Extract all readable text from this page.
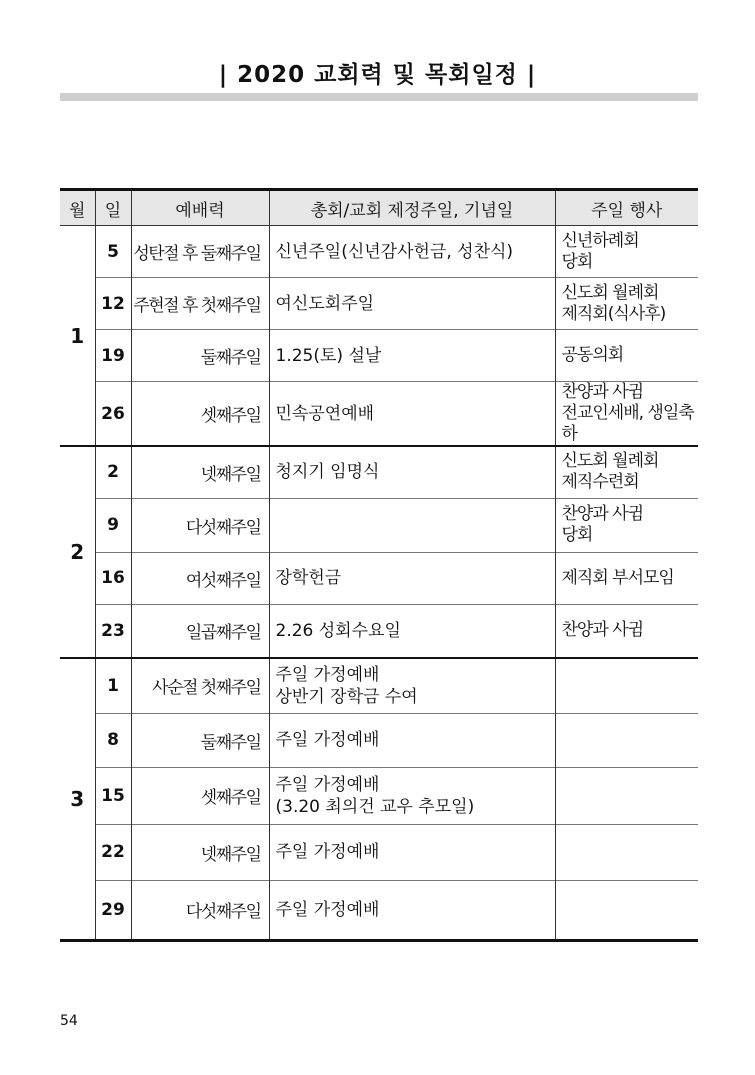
| 2020 교회력 및 목회일정 |
월	일	예배력	총회/교회 제정주일, 기념일	주일 행사
1	5	성탄절 후 둘째주일	신년주일(신년감사헌금, 성찬식)	신년하례회
당회
	12	주현절 후 첫째주일	여신도회주일	신도회 월례회
제직회(식사후)
	19	둘째주일	1.25(토) 설날	공동의회
	26	셋째주일	민속공연예배	찬양과 사귐
전교인세배, 생일축하
2	2	넷째주일	청지기 임명식	신도회 월례회
제직수련회
	9	다섯째주일		찬양과 사귐
당회
	16	여섯째주일	장학헌금	제직회 부서모임
	23	일곱째주일	2.26 성회수요일	찬양과 사귐
3	1	사순절 첫째주일	주일 가정예배
상반기 장학금 수여	
	8	둘째주일	주일 가정예배	
	15	셋째주일	주일 가정예배
(3.20 최의건 교우 추모일)	
	22	넷째주일	주일 가정예배	
	29	다섯째주일	주일 가정예배	
54
